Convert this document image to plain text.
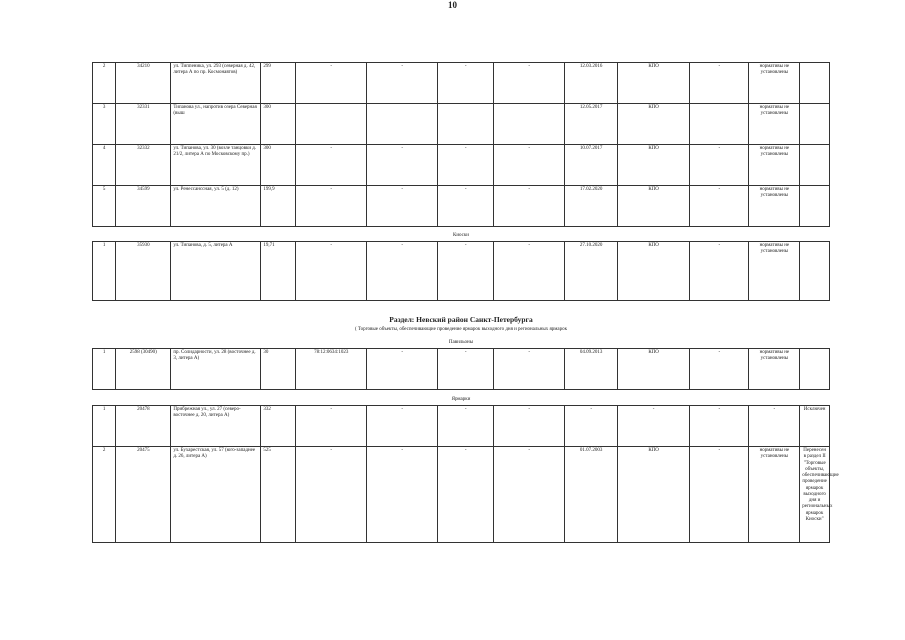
10
2	34210	ул. Типпеника, ул. 293 (северная д. 42, литера А по пр. Космонавтов)	299	-	-	-	-	12.03.2016	КПО	-	нормативы не установлены	
3	32331	Типанова ул., напротив озера Северная (выш	300					12.05.2017	КПО		нормативы не установлены	
4	32332	ул. Типанова, ул. 30 (возле танцовки д. 21/2, литера А по Московскому пр.)	300	-	-	-	-	10.07.2017	КПО	-	нормативы не установлены	
5	34599	ул. Ренессанссная, ул. 5 (д. 12)	199,9	-	-	-	-	17.02.2020	КПО	-	нормативы не установлены	
Киоски
1	35930	ул. Типанова, д. 5, литера А	19,71	-	-	-	-	27.10.2020	КПО	-	нормативы не установлены	
Раздел: Невский район Санкт-Петербурга
( Торговые объекты, обеспечивающие проведение ярмарок выходного дня и региональных ярмарок
Павильоны
1	2598 (30490)	пр. Солидарности, ул. 28 (восточнее д. 3, литера А)	30	78:12:0634:1023	-	-	-	04.09.2013	КПО	-	нормативы не установлены	
Ярмарки
1	20478	Прибрежная ул., ул. 27 (северо-восточнее д. 20, литера А)	332	-	-	-	-	-	-	-	-	Исключен
2	20475	ул. Бухарестская, ул. 57 (юго-западнее д. 26, литера А)	525	-	-	-	-	01.07.2003	КПО	-	нормативы не установлены	Перенесен в раздел II "Торговые объекты, обеспечивающие проведение ярмарок выходного дня и региональных ярмарок Киоски"
